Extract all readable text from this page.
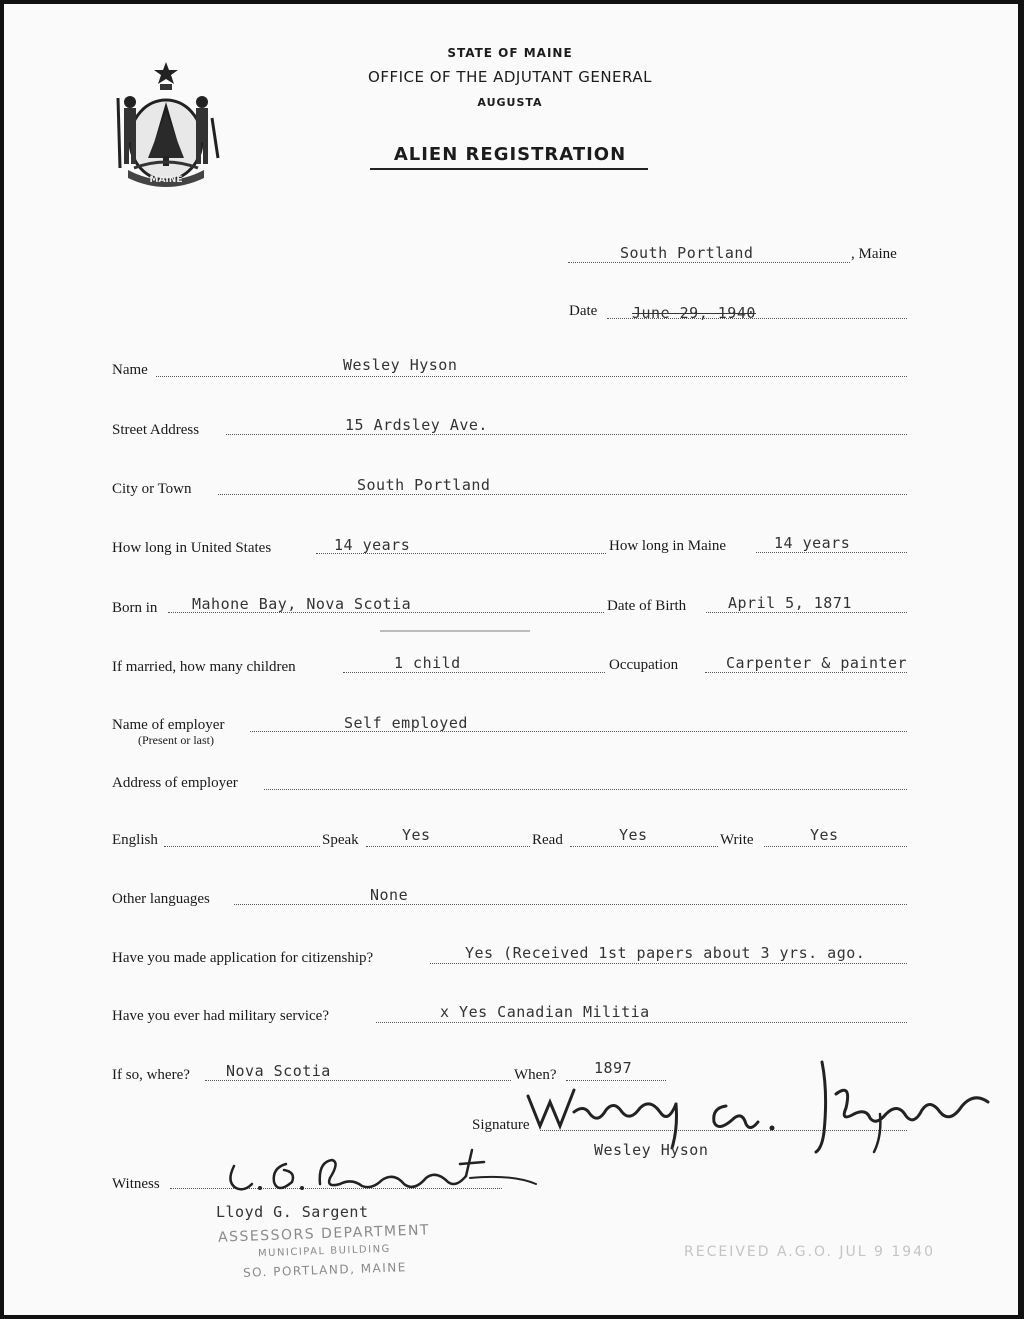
MAINE
STATE OF MAINE
OFFICE OF THE ADJUTANT GENERAL
AUGUSTA
ALIEN REGISTRATION
South Portland	, Maine
Date June 29, 1940
Name	Wesley Hyson
Street Address	15 Ardsley Ave.
City or Town	South Portland
How long in United States	14 years	How long in Maine	14 years
Born in Mahone Bay, Nova Scotia	Date of Birth	April 5, 1871
If married, how many children	1 child	Occupation	Carpenter & painter
Name of employer
(Present or last)
Self employed
Address of employer
English	Speak	Yes	Read	Yes	Write	Yes
Other languages	None
Have you made application for citizenship?	Yes (Received 1st papers about 3 yrs. ago.
Have you ever had military service?	x Yes Canadian Militia
If so, where? Nova Scotia	When?	1897
Signature
Wesley Hyson
Witness
Lloyd G. Sargent
ASSESSORS DEPARTMENT
MUNICIPAL BUILDING
SO. PORTLAND, MAINE
RECEIVED A.G.O. JUL 9 1940
